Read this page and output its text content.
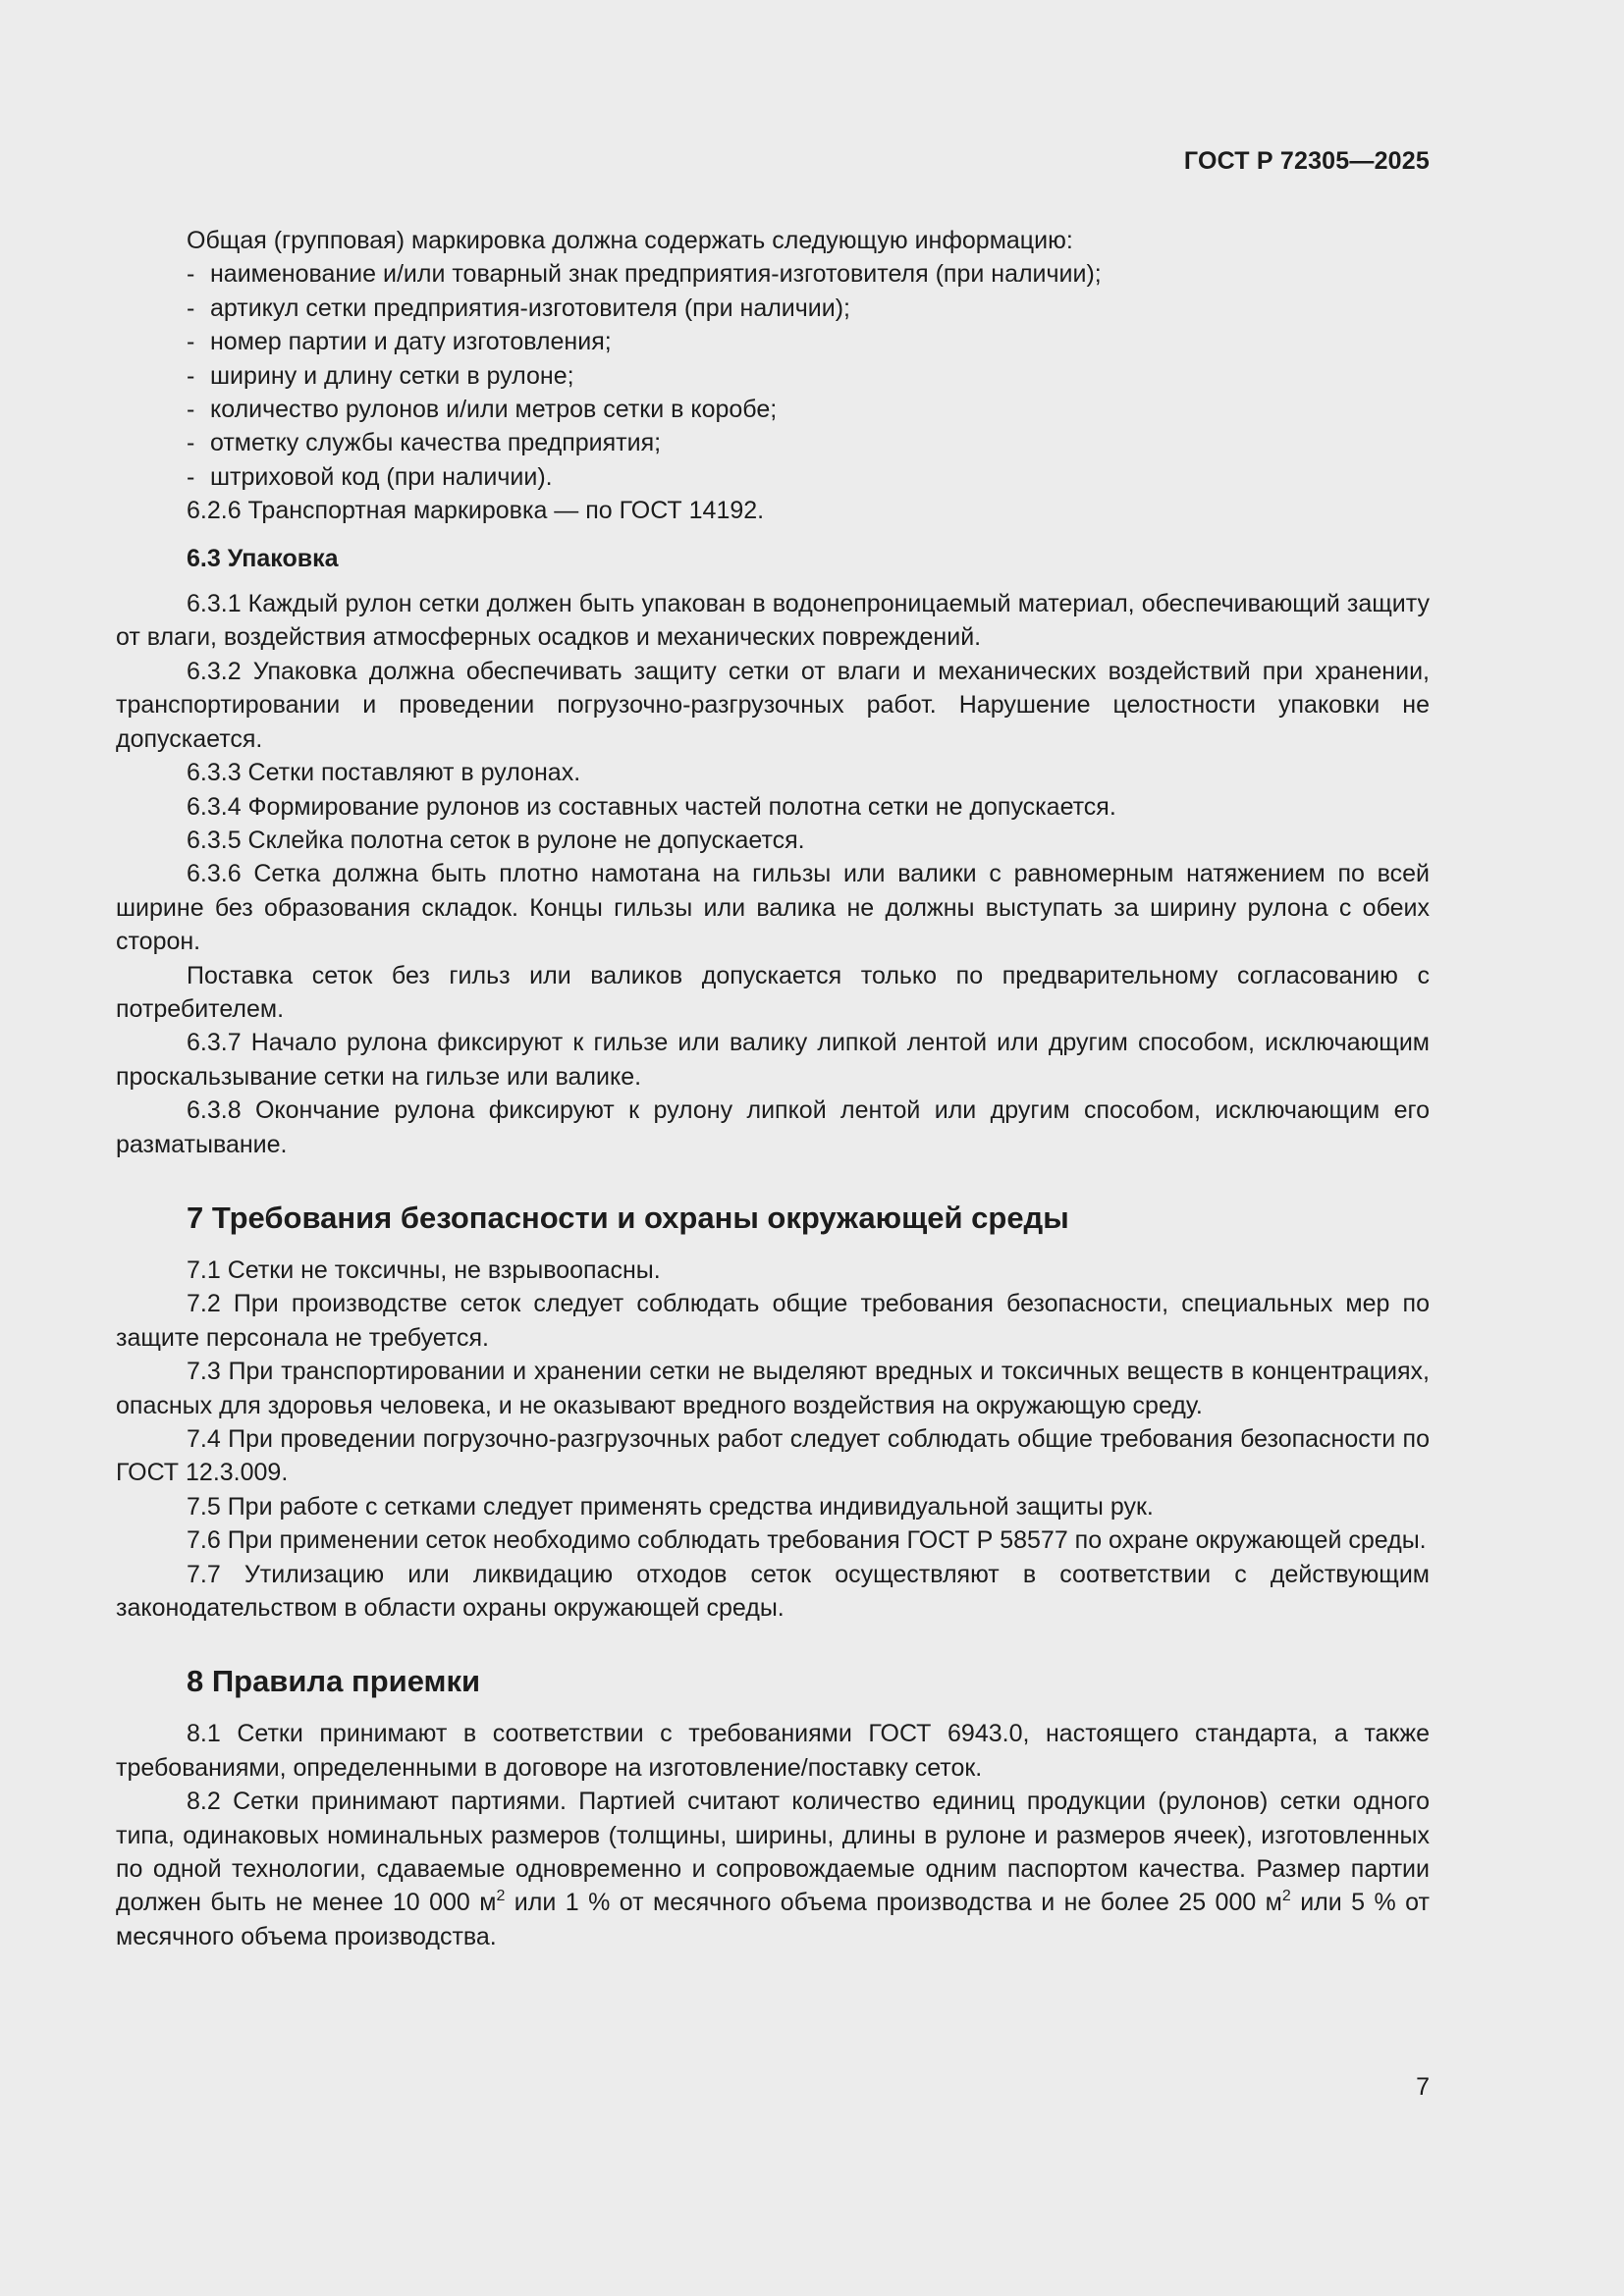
ГОСТ Р 72305—2025

Общая (групповая) маркировка должна содержать следующую информацию:

- наименование и/или товарный знак предприятия-изготовителя (при наличии);

- артикул сетки предприятия-изготовителя (при наличии);

- номер партии и дату изготовления;

- ширину и длину сетки в рулоне;

- количество рулонов и/или метров сетки в коробе;

- отметку службы качества предприятия;

- штриховой код (при наличии).

6.2.6 Транспортная маркировка — по ГОСТ 14192.

6.3 Упаковка

6.3.1 Каждый рулон сетки должен быть упакован в водонепроницаемый материал, обеспечивающий защиту от влаги, воздействия атмосферных осадков и механических повреждений.

6.3.2 Упаковка должна обеспечивать защиту сетки от влаги и механических воздействий при хранении, транспортировании и проведении погрузочно-разгрузочных работ. Нарушение целостности упаковки не допускается.

6.3.3 Сетки поставляют в рулонах.

6.3.4 Формирование рулонов из составных частей полотна сетки не допускается.

6.3.5 Склейка полотна сеток в рулоне не допускается.

6.3.6 Сетка должна быть плотно намотана на гильзы или валики с равномерным натяжением по всей ширине без образования складок. Концы гильзы или валика не должны выступать за ширину рулона с обеих сторон.

Поставка сеток без гильз или валиков допускается только по предварительному согласованию с потребителем.

6.3.7 Начало рулона фиксируют к гильзе или валику липкой лентой или другим способом, исключающим проскальзывание сетки на гильзе или валике.

6.3.8 Окончание рулона фиксируют к рулону липкой лентой или другим способом, исключающим его разматывание.

7 Требования безопасности и охраны окружающей среды

7.1 Сетки не токсичны, не взрывоопасны.

7.2 При производстве сеток следует соблюдать общие требования безопасности, специальных мер по защите персонала не требуется.

7.3 При транспортировании и хранении сетки не выделяют вредных и токсичных веществ в концентрациях, опасных для здоровья человека, и не оказывают вредного воздействия на окружающую среду.

7.4 При проведении погрузочно-разгрузочных работ следует соблюдать общие требования безопасности по ГОСТ 12.3.009.

7.5 При работе с сетками следует применять средства индивидуальной защиты рук.

7.6 При применении сеток необходимо соблюдать требования ГОСТ Р 58577 по охране окружающей среды.

7.7 Утилизацию или ликвидацию отходов сеток осуществляют в соответствии с действующим законодательством в области охраны окружающей среды.

8 Правила приемки

8.1 Сетки принимают в соответствии с требованиями ГОСТ 6943.0, настоящего стандарта, а также требованиями, определенными в договоре на изготовление/поставку сеток.

8.2 Сетки принимают партиями. Партией считают количество единиц продукции (рулонов) сетки одного типа, одинаковых номинальных размеров (толщины, ширины, длины в рулоне и размеров ячеек), изготовленных по одной технологии, сдаваемые одновременно и сопровождаемые одним паспортом качества. Размер партии должен быть не менее 10 000 $м^2$ или 1 % от месячного объема производства и не более 25 000 $м^2$ или 5 % от месячного объема производства.

7
